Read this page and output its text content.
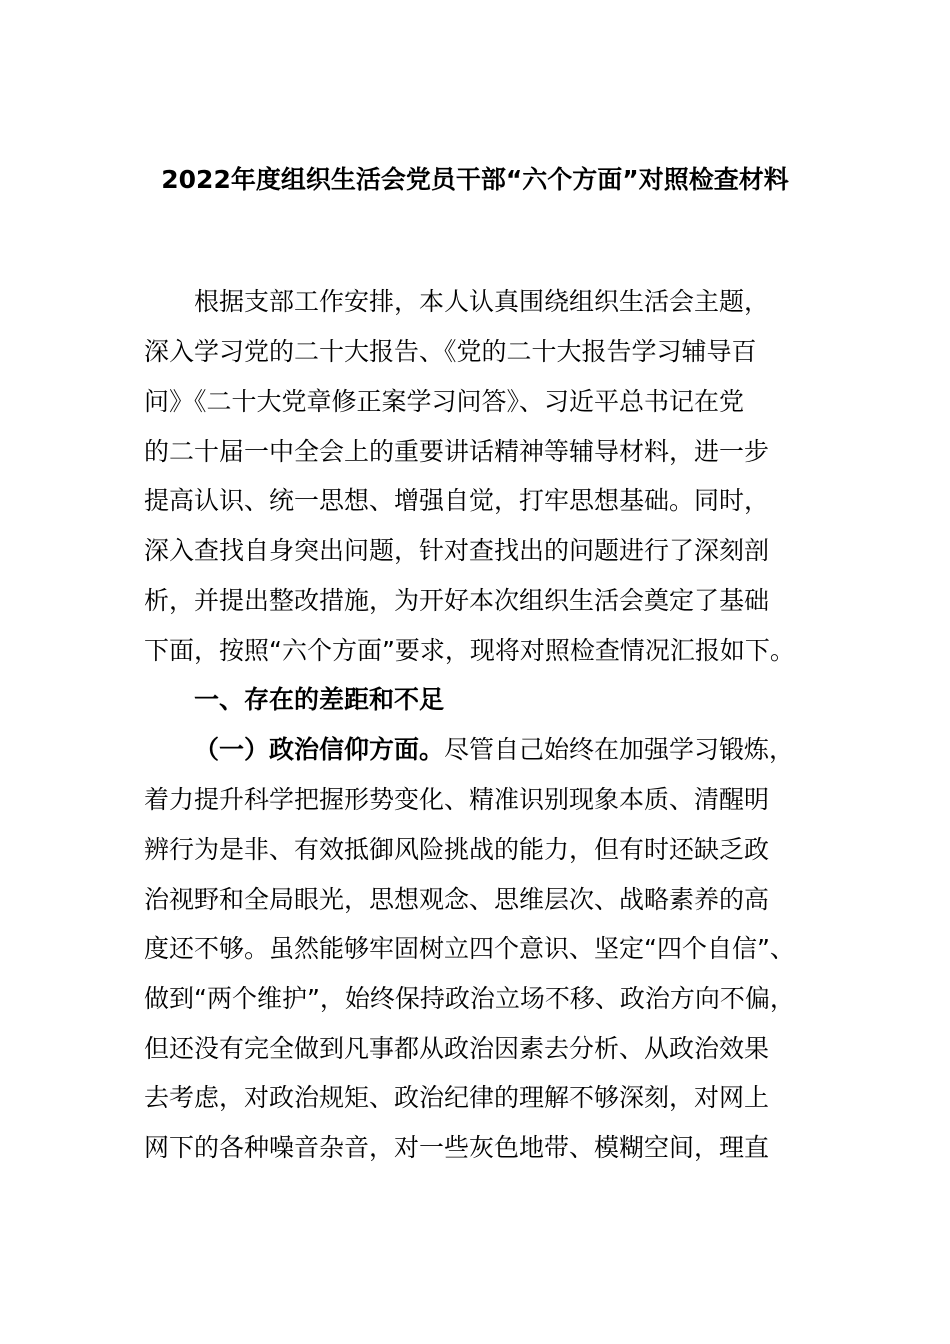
2022年度组织生活会党员干部“六个方面”对照检查材料
根据支部工作安排，本人认真围绕组织生活会主题，
深入学习党的二十大报告、《党的二十大报告学习辅导百
问》《二十大党章修正案学习问答》、习近平总书记在党
的二十届一中全会上的重要讲话精神等辅导材料，进一步
提高认识、统一思想、增强自觉，打牢思想基础。同时，
深入查找自身突出问题，针对查找出的问题进行了深刻剖
析，并提出整改措施，为开好本次组织生活会奠定了基础
下面，按照“六个方面”要求，现将对照检查情况汇报如下。
一、存在的差距和不足
（一）政治信仰方面。尽管自己始终在加强学习锻炼，
着力提升科学把握形势变化、精准识别现象本质、清醒明
辨行为是非、有效抵御风险挑战的能力，但有时还缺乏政
治视野和全局眼光，思想观念、思维层次、战略素养的高
度还不够。虽然能够牢固树立四个意识、坚定“四个自信”、
做到“两个维护”，始终保持政治立场不移、政治方向不偏，
但还没有完全做到凡事都从政治因素去分析、从政治效果
去考虑，对政治规矩、政治纪律的理解不够深刻，对网上
网下的各种噪音杂音，对一些灰色地带、模糊空间，理直
